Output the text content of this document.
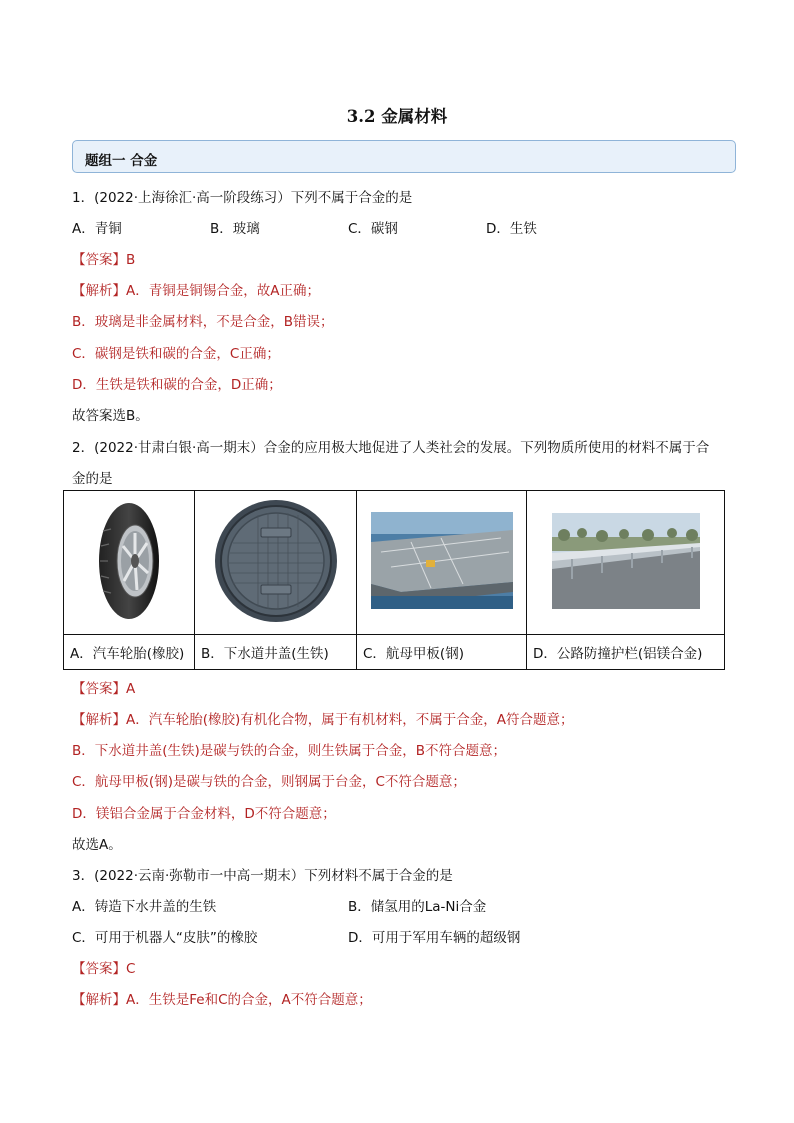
3.2 金属材料
题组一 合金
1．(2022·上海徐汇·高一阶段练习）下列不属于合金的是
A．青铜	B．玻璃	C．碳钢	D．生铁
【答案】B
【解析】A．青铜是铜锡合金，故A正确；
B．玻璃是非金属材料，不是合金，B错误；
C．碳钢是铁和碳的合金，C正确；
D．生铁是铁和碳的合金，D正确；
故答案选B。
2．(2022·甘肃白银·高一期末）合金的应用极大地促进了人类社会的发展。下列物质所使用的材料不属于合
金的是

A．汽车轮胎(橡胶)	B．下水道井盖(生铁)	C．航母甲板(钢)	D．公路防撞护栏(铝镁合金)
【答案】A
【解析】A．汽车轮胎(橡胶)有机化合物，属于有机材料，不属于合金，A符合题意；
B．下水道井盖(生铁)是碳与铁的合金，则生铁属于合金，B不符合题意；
C．航母甲板(钢)是碳与铁的合金，则钢属于台金，C不符合题意；
D．镁铝合金属于合金材料，D不符合题意；
故选A。
3．(2022·云南·弥勒市一中高一期末）下列材料不属于合金的是
A．铸造下水井盖的生铁	B．储氢用的La-Ni合金
C．可用于机器人“皮肤”的橡胶	D．可用于军用车辆的超级钢
【答案】C
【解析】A．生铁是Fe和C的合金，A不符合题意；
